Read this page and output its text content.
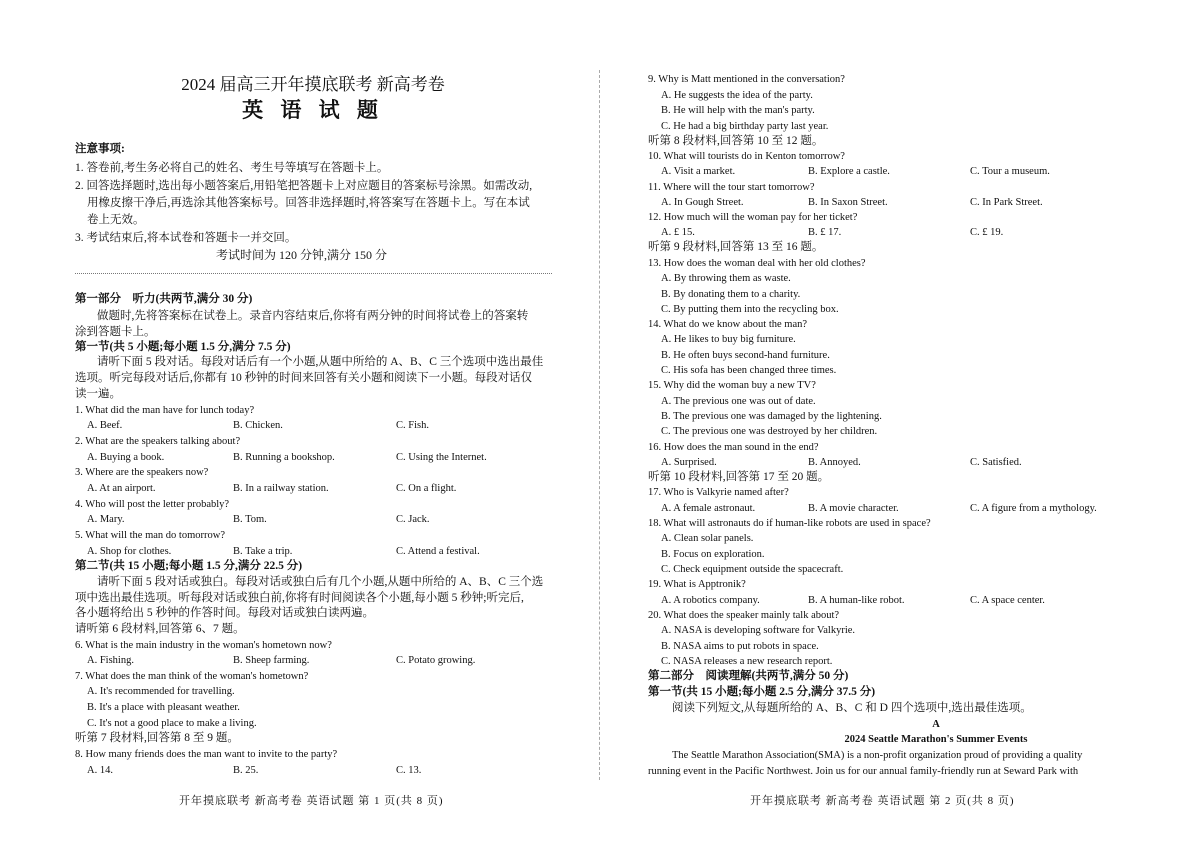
2024 届高三开年摸底联考 新高考卷
英 语 试 题
注意事项:
1. 答卷前,考生务必将自己的姓名、考生号等填写在答题卡上。
2. 回答选择题时,选出每小题答案后,用铅笔把答题卡上对应题目的答案标号涂黑。如需改动,
用橡皮擦干净后,再选涂其他答案标号。回答非选择题时,将答案写在答题卡上。写在本试
卷上无效。
3. 考试结束后,将本试卷和答题卡一并交回。
考试时间为 120 分钟,满分 150 分
第一部分　听力(共两节,满分 30 分)
做题时,先将答案标在试卷上。录音内容结束后,你将有两分钟的时间将试卷上的答案转
涂到答题卡上。
第一节(共 5 小题;每小题 1.5 分,满分 7.5 分)
请听下面 5 段对话。每段对话后有一个小题,从题中所给的 A、B、C 三个选项中选出最佳
选项。听完每段对话后,你都有 10 秒钟的时间来回答有关小题和阅读下一小题。每段对话仅
读一遍。
1. What did the man have for lunch today?
A. Beef.	B. Chicken.	C. Fish.
2. What are the speakers talking about?
A. Buying a book.	B. Running a bookshop.	C. Using the Internet.
3. Where are the speakers now?
A. At an airport.	B. In a railway station.	C. On a flight.
4. Who will post the letter probably?
A. Mary.	B. Tom.	C. Jack.
5. What will the man do tomorrow?
A. Shop for clothes.	B. Take a trip.	C. Attend a festival.
第二节(共 15 小题;每小题 1.5 分,满分 22.5 分)
请听下面 5 段对话或独白。每段对话或独白后有几个小题,从题中所给的 A、B、C 三个选
项中选出最佳选项。听每段对话或独白前,你将有时间阅读各个小题,每小题 5 秒钟;听完后,
各小题将给出 5 秒钟的作答时间。每段对话或独白读两遍。
请听第 6 段材料,回答第 6、7 题。
6. What is the main industry in the woman's hometown now?
A. Fishing.	B. Sheep farming.	C. Potato growing.
7. What does the man think of the woman's hometown?
A. It's recommended for travelling.
B. It's a place with pleasant weather.
C. It's not a good place to make a living.
听第 7 段材料,回答第 8 至 9 题。
8. How many friends does the man want to invite to the party?
A. 14.	B. 25.	C. 13.
开年摸底联考 新高考卷 英语试题 第 1 页(共 8 页)
9. Why is Matt mentioned in the conversation?
A. He suggests the idea of the party.
B. He will help with the man's party.
C. He had a big birthday party last year.
听第 8 段材料,回答第 10 至 12 题。
10. What will tourists do in Kenton tomorrow?
A. Visit a market.	B. Explore a castle.	C. Tour a museum.
11. Where will the tour start tomorrow?
A. In Gough Street.	B. In Saxon Street.	C. In Park Street.
12. How much will the woman pay for her ticket?
A. £ 15.	B. £ 17.	C. £ 19.
听第 9 段材料,回答第 13 至 16 题。
13. How does the woman deal with her old clothes?
A. By throwing them as waste.
B. By donating them to a charity.
C. By putting them into the recycling box.
14. What do we know about the man?
A. He likes to buy big furniture.
B. He often buys second-hand furniture.
C. His sofa has been changed three times.
15. Why did the woman buy a new TV?
A. The previous one was out of date.
B. The previous one was damaged by the lightening.
C. The previous one was destroyed by her children.
16. How does the man sound in the end?
A. Surprised.	B. Annoyed.	C. Satisfied.
听第 10 段材料,回答第 17 至 20 题。
17. Who is Valkyrie named after?
A. A female astronaut.	B. A movie character.	C. A figure from a mythology.
18. What will astronauts do if human-like robots are used in space?
A. Clean solar panels.
B. Focus on exploration.
C. Check equipment outside the spacecraft.
19. What is Apptronik?
A. A robotics company.	B. A human-like robot.	C. A space center.
20. What does the speaker mainly talk about?
A. NASA is developing software for Valkyrie.
B. NASA aims to put robots in space.
C. NASA releases a new research report.
第二部分　阅读理解(共两节,满分 50 分)
第一节(共 15 小题;每小题 2.5 分,满分 37.5 分)
阅读下列短文,从每题所给的 A、B、C 和 D 四个选项中,选出最佳选项。
A
2024 Seattle Marathon's Summer Events
The Seattle Marathon Association(SMA) is a non-profit organization proud of providing a quality
running event in the Pacific Northwest. Join us for our annual family-friendly run at Seward Park with
开年摸底联考 新高考卷 英语试题 第 2 页(共 8 页)
